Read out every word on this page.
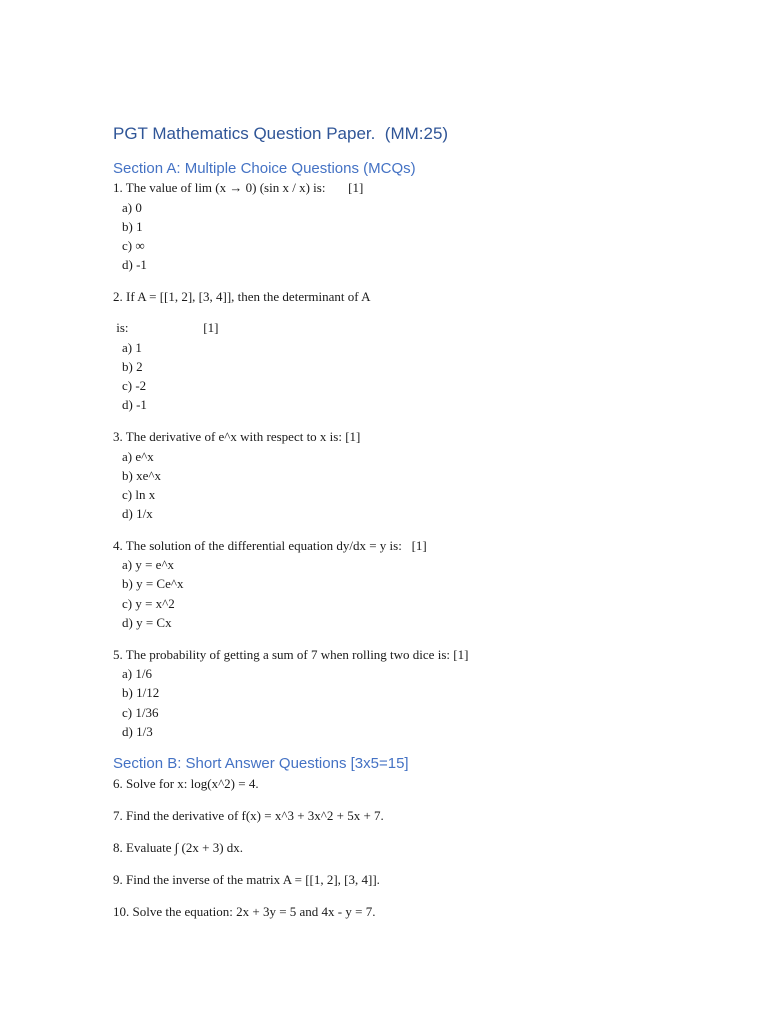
PGT Mathematics Question Paper.  (MM:25)
Section A: Multiple Choice Questions (MCQs)
1. The value of lim (x → 0) (sin x / x) is:       [1]
a) 0
b) 1
c) ∞
d) -1
2. If A = [[1, 2], [3, 4]], then the determinant of A
is:                       [1]
a) 1
b) 2
c) -2
d) -1
3. The derivative of e^x with respect to x is: [1]
a) e^x
b) xe^x
c) ln x
d) 1/x
4. The solution of the differential equation dy/dx = y is:   [1]
a) y = e^x
b) y = Ce^x
c) y = x^2
d) y = Cx
5. The probability of getting a sum of 7 when rolling two dice is: [1]
a) 1/6
b) 1/12
c) 1/36
d) 1/3
Section B: Short Answer Questions [3x5=15]
6. Solve for x: log(x^2) = 4.
7. Find the derivative of f(x) = x^3 + 3x^2 + 5x + 7.
8. Evaluate ∫ (2x + 3) dx.
9. Find the inverse of the matrix A = [[1, 2], [3, 4]].
10. Solve the equation: 2x + 3y = 5 and 4x - y = 7.
